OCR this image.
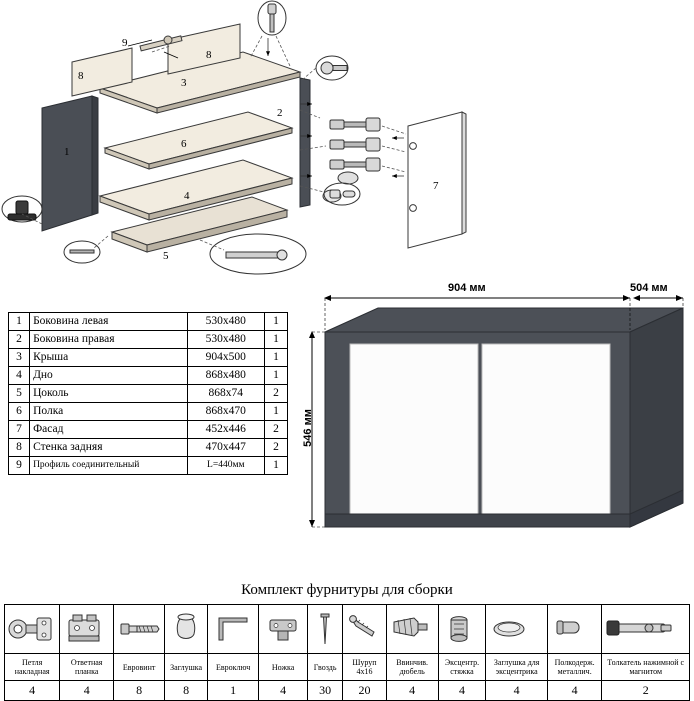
1
2
3
4
5
6
7
8
8
9
1	Боковина левая	530x480	1
2	Боковина правая	530x480	1
3	Крыша	904x500	1
4	Дно	868x480	1
5	Цоколь	868x74	2
6	Полка	868x470	1
7	Фасад	452x446	2
8	Стенка задняя	470x447	2
9	Профиль соединительный	L=440мм	1
904 мм	504 мм
546 мм
Комплект фурнитуры для сборки

Петля накладная	Ответная планка	Евровинт	Заглушка	Евроключ	Ножка	Гвоздь	Шуруп 4x16	Ввинчив. дюбель	Эксцентр. стяжка	Заглушка для эксцентрика	Полкодерж. металлич.	Толкатель нажимной с магнитом
4	4	8	8	1	4	30	20	4	4	4	4	2
